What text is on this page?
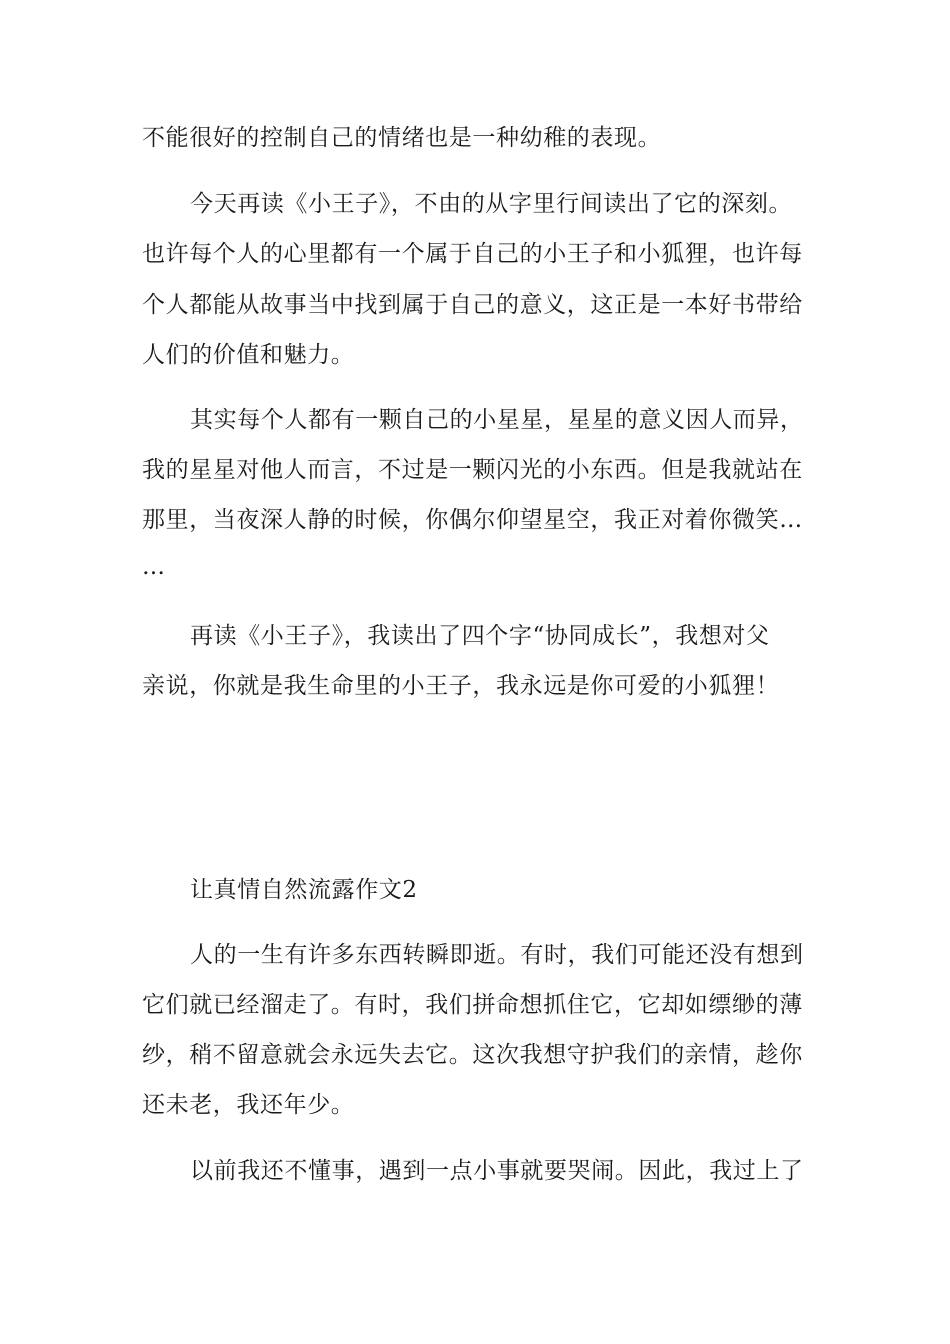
不能很好的控制自己的情绪也是一种幼稚的表现。
今天再读《小王子》，不由的从字里行间读出了它的深刻。
也许每个人的心里都有一个属于自己的小王子和小狐狸，也许每
个人都能从故事当中找到属于自己的意义，这正是一本好书带给
人们的价值和魅力。
其实每个人都有一颗自己的小星星，星星的意义因人而异，
我的星星对他人而言，不过是一颗闪光的小东西。但是我就站在
那里，当夜深人静的时候，你偶尔仰望星空，我正对着你微笑…
…
再读《小王子》，我读出了四个字“协同成长”，我想对父
亲说，你就是我生命里的小王子，我永远是你可爱的小狐狸！
让真情自然流露作文2
人的一生有许多东西转瞬即逝。有时，我们可能还没有想到
它们就已经溜走了。有时，我们拼命想抓住它，它却如缥缈的薄
纱，稍不留意就会永远失去它。这次我想守护我们的亲情，趁你
还未老，我还年少。
以前我还不懂事，遇到一点小事就要哭闹。因此，我过上了
